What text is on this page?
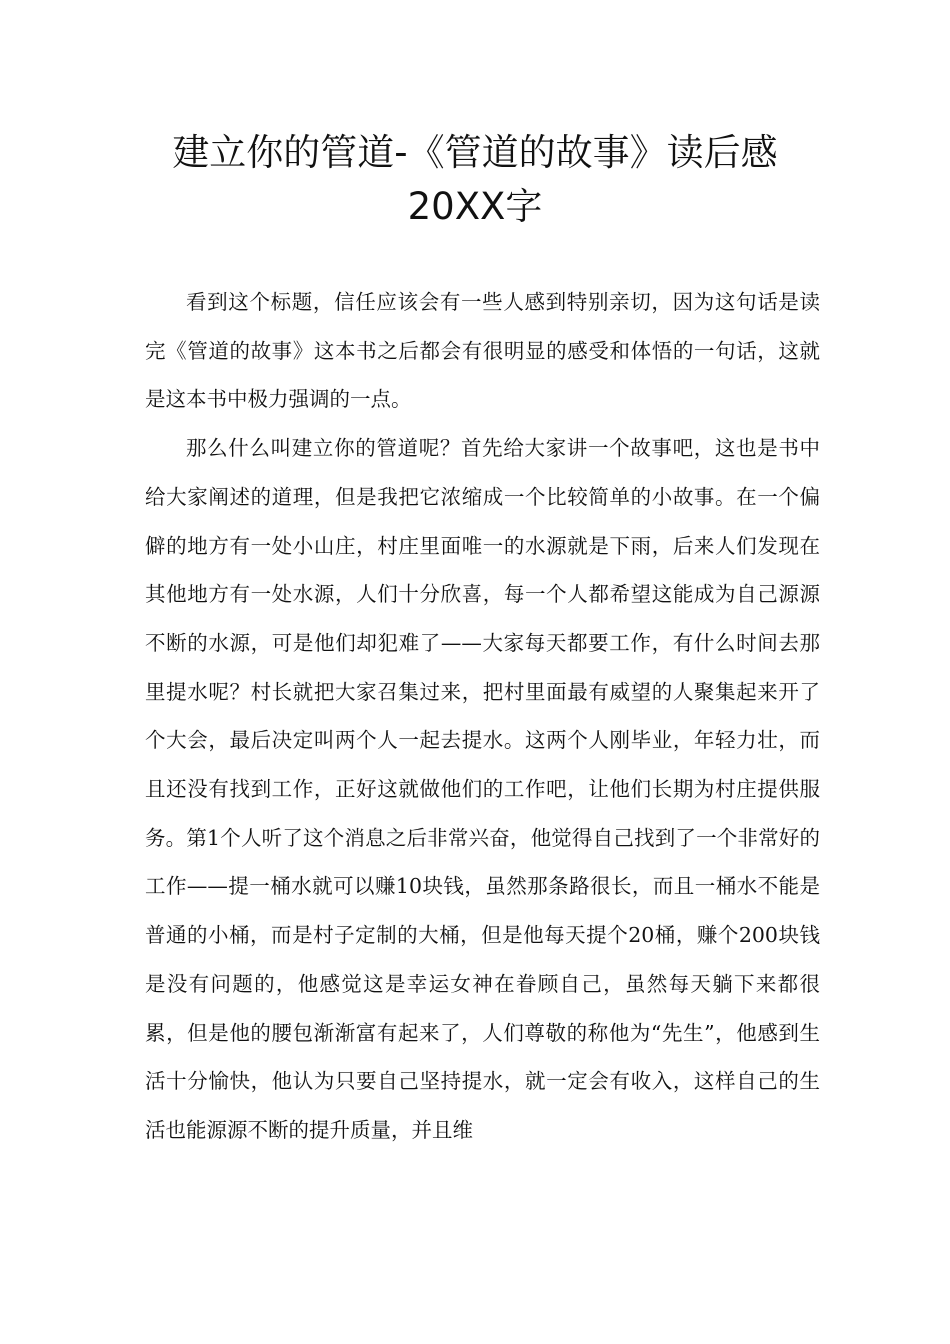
建立你的管道-《管道的故事》读后感
20XX字

看到这个标题，信任应该会有一些人感到特别亲切，因为这句话是读完《管道的故事》这本书之后都会有很明显的感受和体悟的一句话，这就是这本书中极力强调的一点。

那么什么叫建立你的管道呢？首先给大家讲一个故事吧，这也是书中给大家阐述的道理，但是我把它浓缩成一个比较简单的小故事。在一个偏僻的地方有一处小山庄，村庄里面唯一的水源就是下雨，后来人们发现在其他地方有一处水源，人们十分欣喜，每一个人都希望这能成为自己源源不断的水源，可是他们却犯难了——大家每天都要工作，有什么时间去那里提水呢？村长就把大家召集过来，把村里面最有威望的人聚集起来开了个大会，最后决定叫两个人一起去提水。这两个人刚毕业，年轻力壮，而且还没有找到工作，正好这就做他们的工作吧，让他们长期为村庄提供服务。第1个人听了这个消息之后非常兴奋，他觉得自己找到了一个非常好的工作——提一桶水就可以赚10块钱，虽然那条路很长，而且一桶水不能是普通的小桶，而是村子定制的大桶，但是他每天提个20桶，赚个200块钱是没有问题的，他感觉这是幸运女神在眷顾自己，虽然每天躺下来都很累，但是他的腰包渐渐富有起来了，人们尊敬的称他为“先生”，他感到生活十分愉快，他认为只要自己坚持提水，就一定会有收入，这样自己的生活也能源源不断的提升质量，并且维
